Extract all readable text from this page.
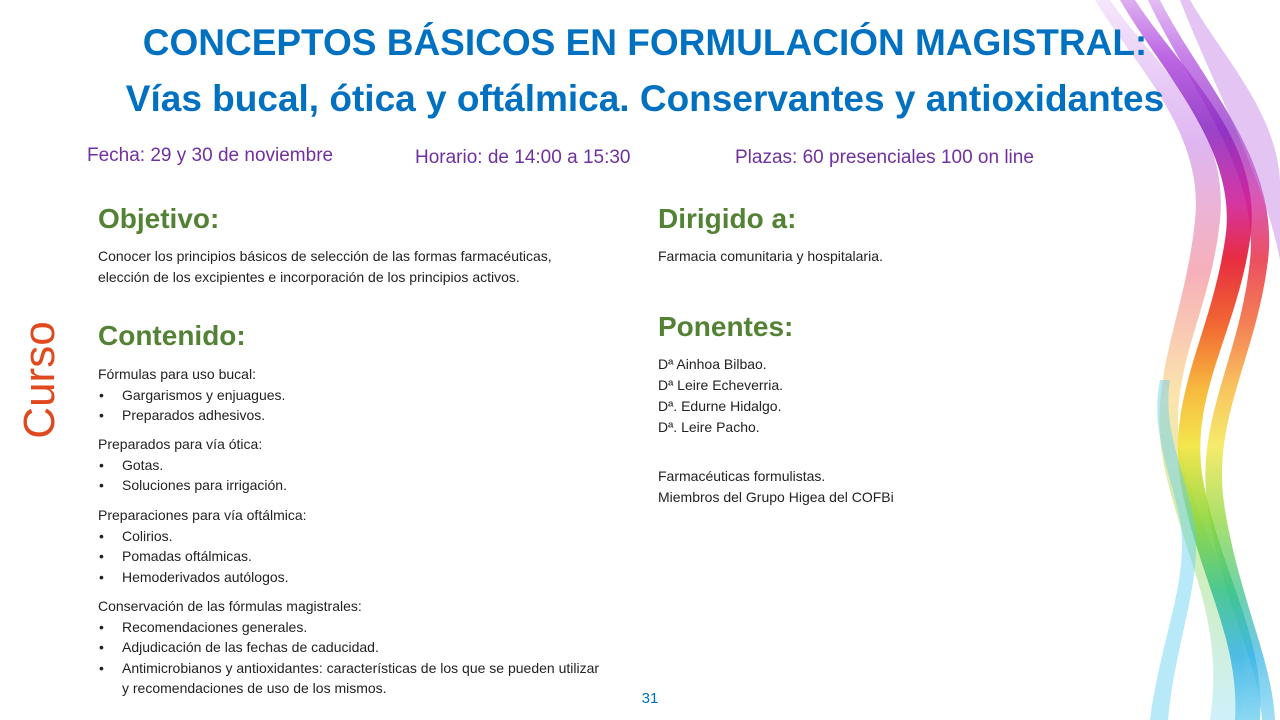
CONCEPTOS BÁSICOS EN FORMULACIÓN MAGISTRAL:
Vías bucal, ótica y oftálmica. Conservantes y antioxidantes
Fecha: 29 y 30 de noviembre	Horario: de 14:00 a 15:30	Plazas: 60 presenciales 100 on line
Curso
Objetivo:
Conocer los principios básicos de selección de las formas farmacéuticas,
elección de los excipientes e incorporación de los principios activos.
Contenido:
Fórmulas para uso bucal:
• Gargarismos y enjuagues.
• Preparados adhesivos.
Preparados para vía ótica:
• Gotas.
• Soluciones para irrigación.
Preparaciones para vía oftálmica:
• Colirios.
• Pomadas oftálmicas.
• Hemoderivados autólogos.
Conservación de las fórmulas magistrales:
• Recomendaciones generales.
• Adjudicación de las fechas de caducidad.
• Antimicrobianos y antioxidantes: características de los que se pueden utilizar y recomendaciones de uso de los mismos.
Dirigido a:
Farmacia comunitaria y hospitalaria.
Ponentes:
Dª Ainhoa Bilbao.
Dª Leire Echeverria.
Dª. Edurne Hidalgo.
Dª. Leire Pacho.
Farmacéuticas formulistas.
Miembros del Grupo Higea del COFBi
31
